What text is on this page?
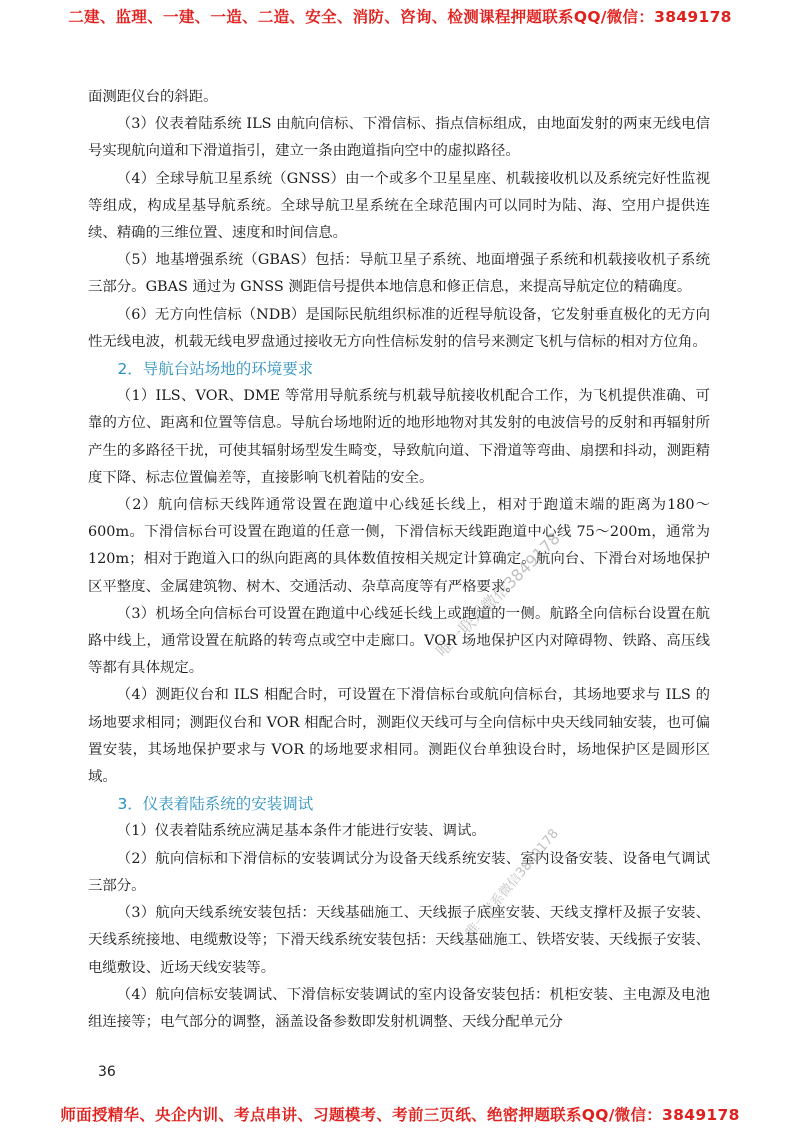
二建、监理、一建、一造、二造、安全、消防、咨询、检测课程押题联系QQ/微信：3849178

面测距仪台的斜距。

（3）仪表着陆系统 ILS 由航向信标、下滑信标、指点信标组成，由地面发射的两束无线电信号实现航向道和下滑道指引，建立一条由跑道指向空中的虚拟路径。

（4）全球导航卫星系统（GNSS）由一个或多个卫星星座、机载接收机以及系统完好性监视等组成，构成星基导航系统。全球导航卫星系统在全球范围内可以同时为陆、海、空用户提供连续、精确的三维位置、速度和时间信息。

（5）地基增强系统（GBAS）包括：导航卫星子系统、地面增强子系统和机载接收机子系统三部分。GBAS 通过为 GNSS 测距信号提供本地信息和修正信息，来提高导航定位的精确度。

（6）无方向性信标（NDB）是国际民航组织标准的近程导航设备，它发射垂直极化的无方向性无线电波，机载无线电罗盘通过接收无方向性信标发射的信号来测定飞机与信标的相对方位角。

2．导航台站场地的环境要求

（1）ILS、VOR、DME 等常用导航系统与机载导航接收机配合工作，为飞机提供准确、可靠的方位、距离和位置等信息。导航台场地附近的地形地物对其发射的电波信号的反射和再辐射所产生的多路径干扰，可使其辐射场型发生畸变，导致航向道、下滑道等弯曲、扇摆和抖动，测距精度下降、标志位置偏差等，直接影响飞机着陆的安全。

（2）航向信标天线阵通常设置在跑道中心线延长线上，相对于跑道末端的距离为180～600m。下滑信标台可设置在跑道的任意一侧，下滑信标天线距跑道中心线 75～200m，通常为 120m；相对于跑道入口的纵向距离的具体数值按相关规定计算确定。航向台、下滑台对场地保护区平整度、金属建筑物、树木、交通活动、杂草高度等有严格要求。

（3）机场全向信标台可设置在跑道中心线延长线上或跑道的一侧。航路全向信标台设置在航路中线上，通常设置在航路的转弯点或空中走廊口。VOR 场地保护区内对障碍物、铁路、高压线等都有具体规定。

（4）测距仪台和 ILS 相配合时，可设置在下滑信标台或航向信标台，其场地要求与 ILS 的场地要求相同；测距仪台和 VOR 相配合时，测距仪天线可与全向信标中央天线同轴安装，也可偏置安装，其场地保护要求与 VOR 的场地要求相同。测距仪台单独设台时，场地保护区是圆形区域。

3．仪表着陆系统的安装调试

（1）仪表着陆系统应满足基本条件才能进行安装、调试。

（2）航向信标和下滑信标的安装调试分为设备天线系统安装、室内设备安装、设备电气调试三部分。

（3）航向天线系统安装包括：天线基础施工、天线振子底座安装、天线支撑杆及振子安装、天线系统接地、电缆敷设等；下滑天线系统安装包括：天线基础施工、铁塔安装、天线振子安装、电缆敷设、近场天线安装等。

（4）航向信标安装调试、下滑信标安装调试的室内设备安装包括：机柜安装、主电源及电池组连接等；电气部分的调整，涵盖设备参数即发射机调整、天线分配单元分

唯一联系微信3849178
唯一联系微信3849178
36
师面授精华、央企内训、考点串讲、习题模考、考前三页纸、绝密押题联系QQ/微信：3849178
